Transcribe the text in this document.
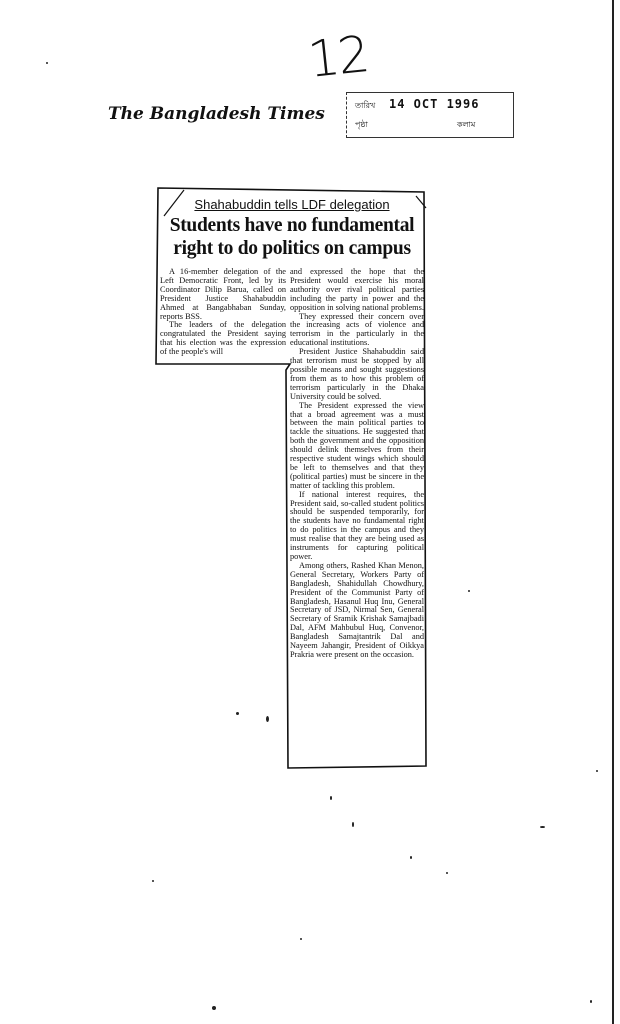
12
The Bangladesh Times	তারিখ 14 OCT 1996
পৃষ্ঠা	কলাম
Shahabuddin tells LDF delegation
Students have no fundamental
right to do politics on campus

A 16-member delegation of the Left Democratic Front, led by its Coordinator Dilip Barua, called on President Justice Shahabuddin Ahmed at Bangabhaban Sunday, reports BSS.

The leaders of the delegation congratulated the President saying that his election was the expression of the people's will

and expressed the hope that the President would exercise his moral authority over rival political parties including the party in power and the opposition in solving national problems.

They expressed their concern over the increasing acts of violence and terrorism in the particularly in the educational institutions.

President Justice Shahabuddin said that terrorism must be stopped by all possible means and sought suggestions from them as to how this problem of terrorism particularly in the Dhaka University could be solved.

The President expressed the view that a broad agreement was a must between the main political parties to tackle the situations. He suggested that both the government and the opposition should delink themselves from their respective student wings which should be left to themselves and that they (political parties) must be sincere in the matter of tackling this problem.

If national interest requires, the President said, so-called student politics should be suspended temporarily, for the students have no fundamental right to do politics in the campus and they must realise that they are being used as instruments for capturing political power.

Among others, Rashed Khan Menon, General Secretary, Workers Party of Bangladesh, Shahidullah Chowdhury, President of the Communist Party of Bangladesh, Hasanul Huq Inu, General Secretary of JSD, Nirmal Sen, General Secretary of Sramik Krishak Samajbadi Dal, AFM Mahbubul Huq, Convenor, Bangladesh Samajtantrik Dal and Nayeem Jahangir, President of Oikkya Prakria were present on the occasion.
